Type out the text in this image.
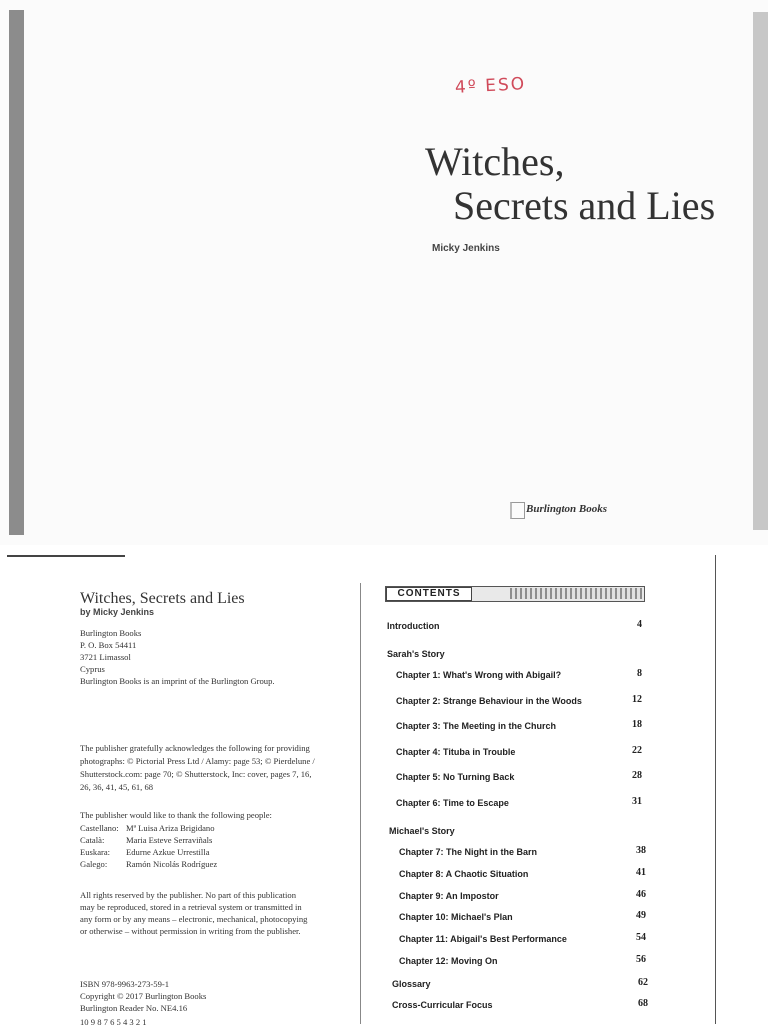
4º ESO
Witches,
Secrets and Lies
Micky Jenkins
Burlington Books
Witches, Secrets and Lies
by Micky Jenkins
Burlington Books
P. O. Box 54411
3721 Limassol
Cyprus
Burlington Books is an imprint of the Burlington Group.
The publisher gratefully acknowledges the following for providing
photographs: © Pictorial Press Ltd / Alamy: page 53; © Pierdelune /
Shutterstock.com: page 70; © Shutterstock, Inc: cover, pages 7, 16,
26, 36, 41, 45, 61, 68
The publisher would like to thank the following people:
Castellano: Mª Luisa Ariza Brigidano
Català:	Maria Esteve Serraviñals
Euskara: Edurne Azkue Urrestilla
Galego: Ramón Nicolás Rodríguez
All rights reserved by the publisher. No part of this publication
may be reproduced, stored in a retrieval system or transmitted in
any form or by any means – electronic, mechanical, photocopying
or otherwise – without permission in writing from the publisher.
ISBN 978-9963-273-59-1
Copyright © 2017 Burlington Books
Burlington Reader No. NE4.16
10 9 8 7 6 5 4 3 2 1
CONTENTS
Introduction	4
Sarah's Story
Chapter 1: What's Wrong with Abigail?	8
Chapter 2: Strange Behaviour in the Woods	12
Chapter 3: The Meeting in the Church	18
Chapter 4: Tituba in Trouble	22
Chapter 5: No Turning Back	28
Chapter 6: Time to Escape	31
Michael's Story
Chapter 7: The Night in the Barn	38
Chapter 8: A Chaotic Situation	41
Chapter 9: An Impostor	46
Chapter 10: Michael's Plan	49
Chapter 11: Abigail's Best Performance	54
Chapter 12: Moving On	56
Glossary	62
Cross-Curricular Focus	68
